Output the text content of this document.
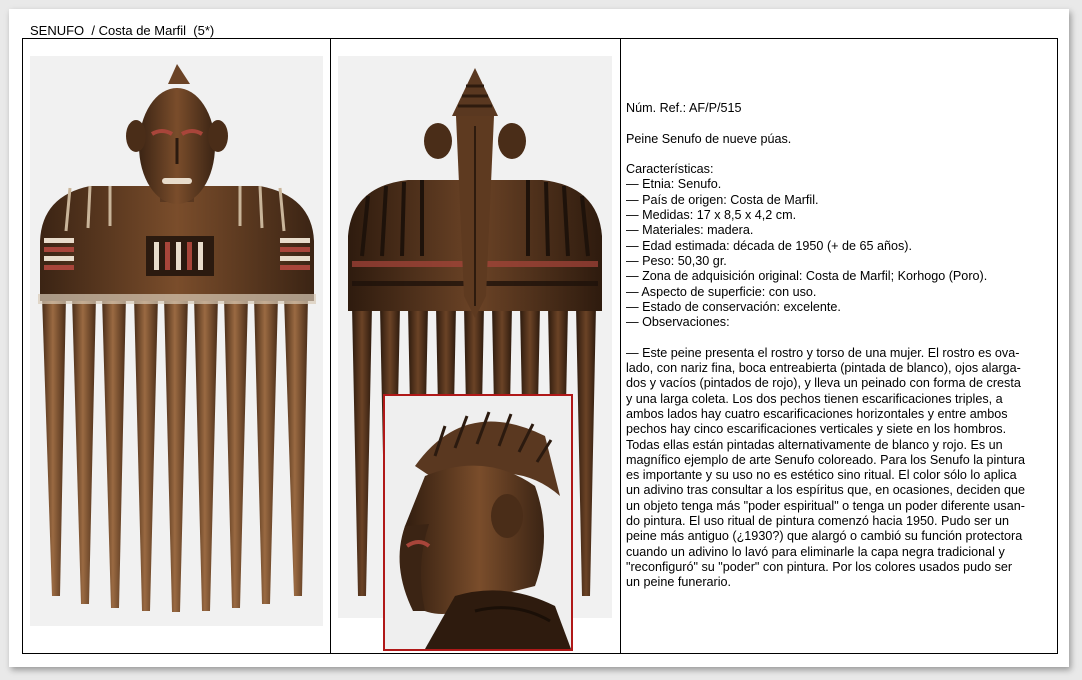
SENUFO  / Costa de Marfil  (5*)

Núm. Ref.: AF/P/515

Peine Senufo de nueve púas.

Características:

— Etnia: Senufo.
— País de origen: Costa de Marfil.
— Medidas: 17 x 8,5 x 4,2 cm.
— Materiales: madera.
— Edad estimada: década de 1950 (+ de 65 años).
— Peso: 50,30 gr.
— Zona de adquisición original: Costa de Marfil; Korhogo (Poro).
— Aspecto de superficie: con uso.
— Estado de conservación: excelente.
— Observaciones:
— Este peine presenta el rostro y torso de una mujer. El rostro es ova-
lado, con nariz fina, boca entreabierta (pintada de blanco), ojos alarga-
dos y vacíos (pintados de rojo), y lleva un peinado con forma de cresta
y una larga coleta. Los dos pechos tienen escarificaciones triples, a
ambos lados hay cuatro escarificaciones horizontales y entre ambos
pechos hay cinco escarificaciones verticales y siete en los hombros.
Todas ellas están pintadas alternativamente de blanco y rojo. Es un
magnífico ejemplo de arte Senufo coloreado. Para los Senufo la pintura
es importante y su uso no es estético sino ritual. El color sólo lo aplica
un adivino tras consultar a los espíritus que, en ocasiones, deciden que
un objeto tenga más "poder espiritual" o tenga un poder diferente usan-
do pintura. El uso ritual de pintura comenzó hacia 1950. Pudo ser un
peine más antiguo (¿1930?) que alargó o cambió su función protectora
cuando un adivino lo lavó para eliminarle la capa negra tradicional y
"reconfiguró" su "poder" con pintura. Por los colores usados pudo ser
un peine funerario.
